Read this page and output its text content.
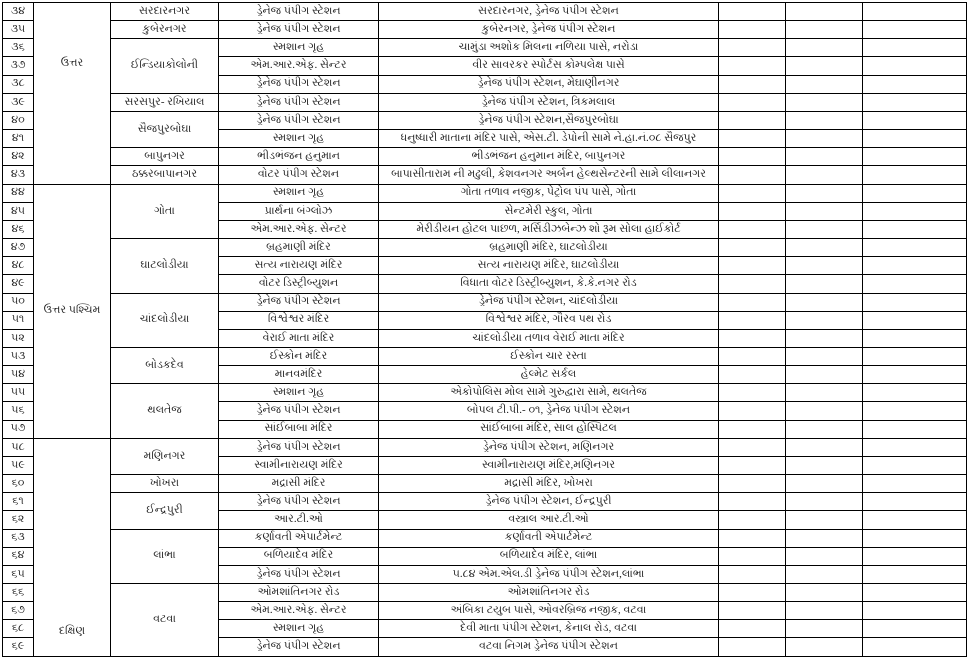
૩૪	ઉત્તર	સરદારનગર	ડ્રેનેજ પંપીગ સ્ટેશન	સરદારનગર, ડ્રેનેજ પંપીગ સ્ટેશન			
૩૫		કુબેરનગર	ડ્રેનેજ પંપીગ સ્ટેશન	કુબેરનગર, ડ્રેનેજ પંપીગ સ્ટેશન			
૩૬		ઈન્ડિયાકોલોની	સ્મશાન ગૃહ	ચામુંડા અશોક મિલના નળિયા પાસે, નરોડા			
૩૭			એમ.આર.એફ. સેન્ટર	વીર સાવરકર સ્પોર્ટસ કોમ્પલેક્ષ પાસે			
૩૮			ડ્રેનેજ પંપીગ સ્ટેશન	ડ્રેનેજ પંપીગ સ્ટેશન, મેઘાણીનગર			
૩૯		સરસપુર- રખિયાલ	ડ્રેનેજ પંપીગ સ્ટેશન	ડ્રેનેજ પંપીગ સ્ટેશન, ત્રિકમલાલ			
૪૦		સૈજપુરબોઘા	ડ્રેનેજ પંપીગ સ્ટેશન	ડ્રેનેજ પંપીગ સ્ટેશન,સૈજપુરબોઘા			
૪૧			સ્મશાન ગૃહ	ધનુષ્ધારી માતાના મંદિર પાસે, એસ.ટી. ડેપોની સામે ને.હા.નં.૦૮ સૈજપુર			
૪૨		બાપુનગર	ભીડભંજન હનુમાન	ભીડભંજન હનુમાન મંદિર, બાપુનગર			
૪૩		ઠક્કરબાપાનગર	વોટર પંપીગ સ્ટેશન	બાપાસીતારામ ની મઢુલી, કેશવનગર અર્બન હેલ્થસેન્ટરની સામે લીલાનગર			
૪૪	ઉત્તર પશ્ચિમ	ગોતા	સ્મશાન ગૃહ	ગોતા તળાવ નજીક, પેટ્રોલ પંપ પાસે, ગોતા			
૪૫			પ્રાર્થના બંગ્લોઝ	સેન્ટમેરી સ્કુલ, ગોતા			
૪૬			એમ.આર.એફ. સેન્ટર	મેરીડીયન હોટલ પાછળ, મર્સિડીઝબેન્ઝ શો રૂમ સોલા હાઈકોર્ટ			
૪૭		ઘાટલોડીયા	બ્રહમાણી મંદિર	બ્રહમાણી મંદિર, ઘાટલોડીયા			
૪૮			સત્ય નારાયણ મંદિર	સત્ય નારાયણ મંદિર, ઘાટલોડીયા			
૪૯			વોટર ડિસ્ટ્રીબ્યુશન	વિધાતા વોટર ડિસ્ટ્રીબ્યુશન, કે.કે.નગર રોડ			
૫૦		ચાંદલોડીયા	ડ્રેનેજ પંપીગ સ્ટેશન	ડ્રેનેજ પંપીગ સ્ટેશન, ચાંદલોડીયા			
૫૧			વિશ્વેશ્વર મંદિર	વિશ્વેશ્વર મંદિર, ગૌરવ પથ રોડ			
૫૨			વેરાઈ માતા મંદિર	ચાંદલોડીયા તળાવ વેરાઈ માતા મંદિર			
૫૩		બોડકદેવ	ઈસ્કોન મંદિર	ઈસ્કોન ચાર રસ્તા			
૫૪			માનવમંદિર	હેલ્મેટ સર્કલ			
૫૫		થલતેજ	સ્મશાન ગૃહ	એકોપોલિસ મોલ સામે ગુરુદ્વારા સામે, થલતેજ			
૫૬			ડ્રેનેજ પંપીગ સ્ટેશન	બોપલ ટી.પી.- ૦૧, ડ્રેનેજ પંપીગ સ્ટેશન			
૫૭			સાંઈબાબા મંદિર	સાંઈબાબા મંદિર, સાલ હોસ્પિટલ			
૫૮	દક્ષિણ	મણિનગર	ડ્રેનેજ પંપીગ સ્ટેશન	ડ્રેનેજ પંપીગ સ્ટેશન, મણિનગર			
૫૯			સ્વામીનારાયણ મંદિર	સ્વામીનારાયણ મંદિર,મણિનગર			
૬૦		ખોખરા	મદ્રાસી મંદિર	મદ્રાસી મંદિર, ખોખરા			
૬૧		ઈન્દ્રપુરી	ડ્રેનેજ પંપીગ સ્ટેશન	ડ્રેનેજ પંપીગ સ્ટેશન, ઈન્દ્રપુરી			
૬૨			આર.ટી.ઓ	વસ્ત્રાલ આર.ટી.ઓ			
૬૩		લાંભા	કર્ણાવતી એપાર્ટમેન્ટ	કર્ણાવતી એપાર્ટમેન્ટ			
૬૪			બળિયાદેવ મંદિર	બળિયાદેવ મંદિર, લાંભા			
૬૫			ડ્રેનેજ પંપીગ સ્ટેશન	૫.૮૪ એમ.એલ.ડી ડ્રેનેજ પંપીગ સ્ટેશન,લાંભા			
૬૬		વટવા	ઓમશાંતિનગર રોડ	ઓમશાંતિનગર રોડ			
૬૭			એમ.આર.એફ. સેન્ટર	અંબિકા ટયુબ પાસે, ઓવરબ્રિજ નજીક, વટવા			
૬૮			સ્મશાન ગૃહ	દેવી માતા પંપીગ સ્ટેશન, કેનાલ રોડ, વટવા			
૬૯			ડ્રેનેજ પંપીગ સ્ટેશન	વટવા નિગમ ડ્રેનેજ પંપીગ સ્ટેશન			
